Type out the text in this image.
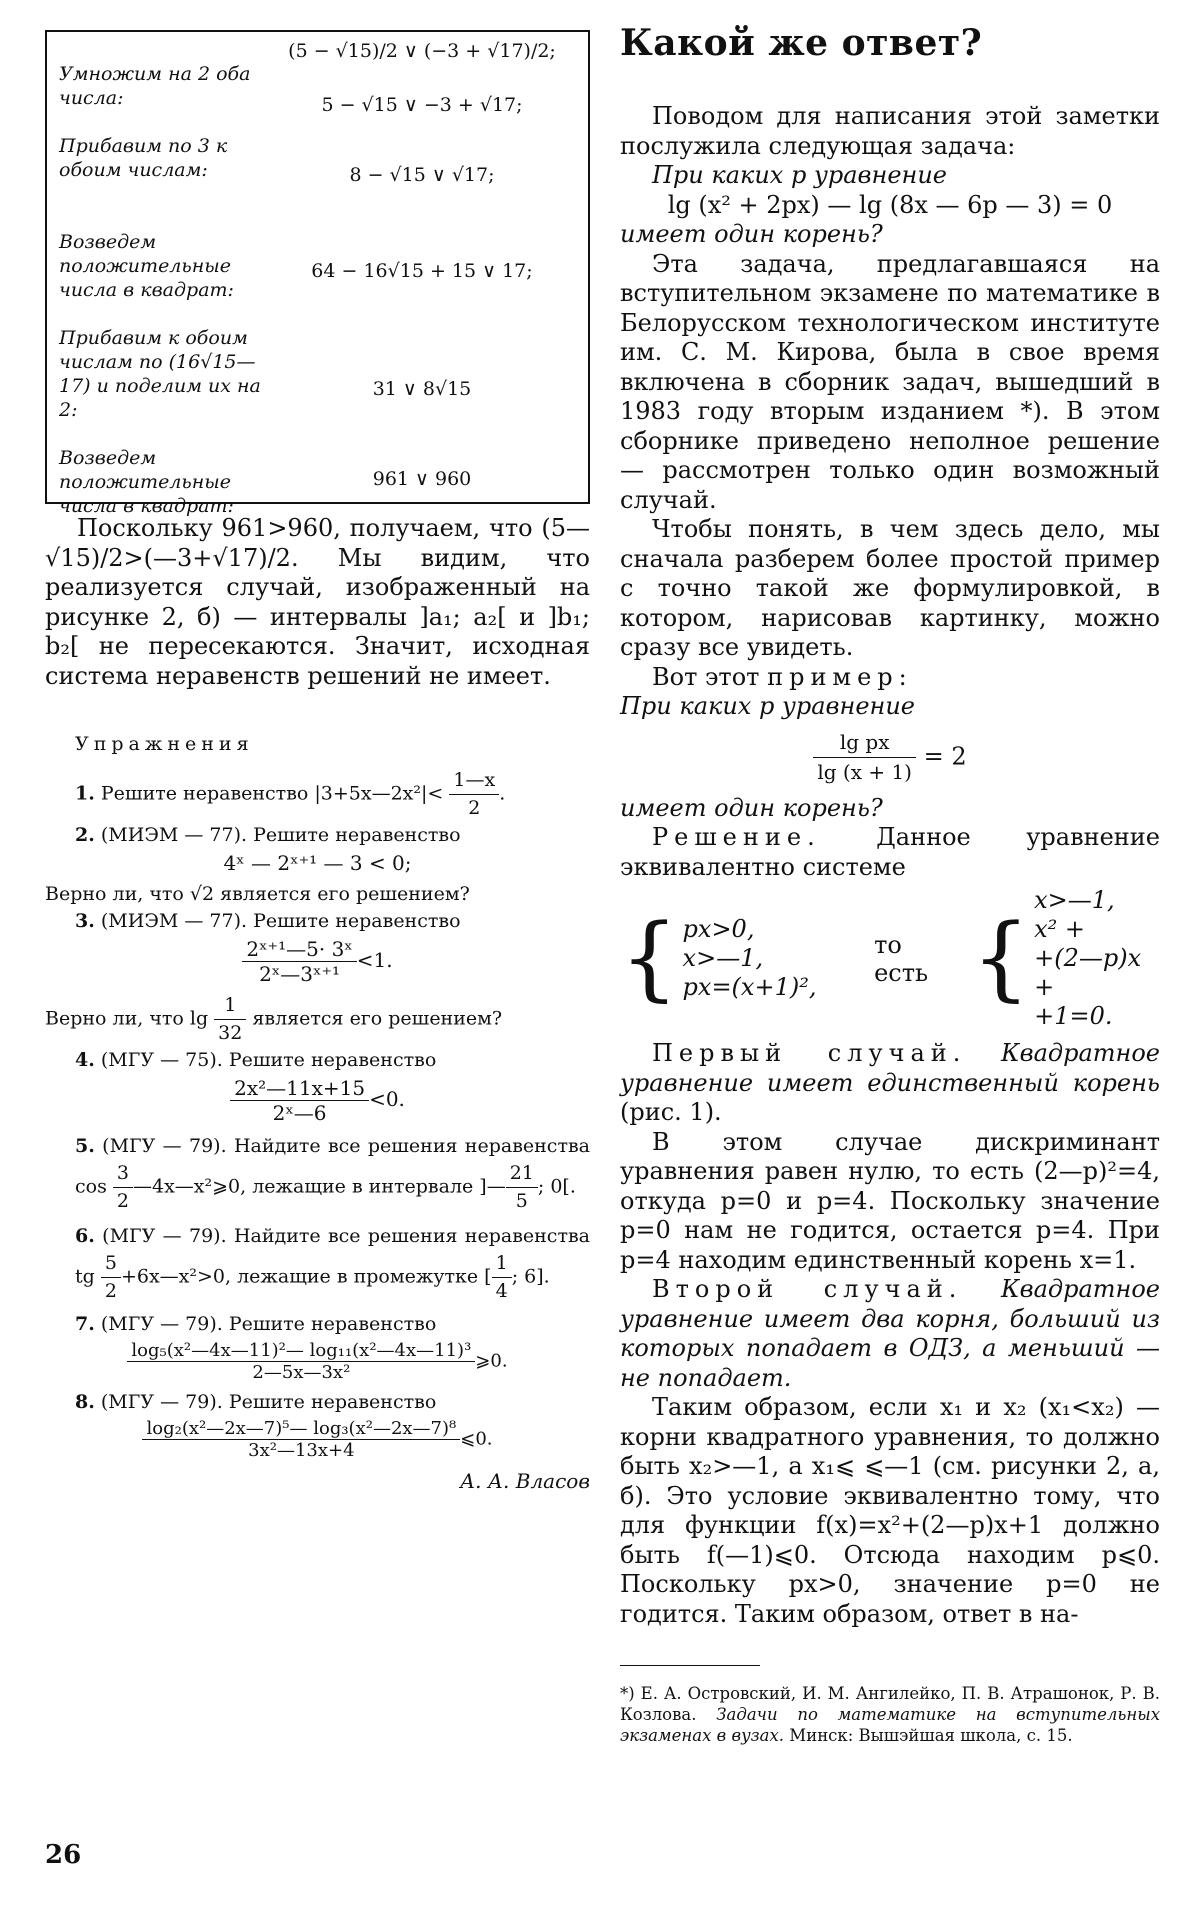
(5 − √15)/2 ∨ (−3 + √17)/2;
Умножим на 2 оба числа:
Прибавим по 3 к обоим числам:
Возведем положительные числа в квадрат:
Прибавим к обоим числам по (16√15—17) и поделим их на 2:
Возведем положительные числа в квадрат:
5 − √15 ∨ −3 + √17;
8 − √15 ∨ √17;
64 − 16√15 + 15 ∨ 17;
31 ∨ 8√15
961 ∨ 960

Поскольку 961>960, получаем, что (5—√15)/2>(—3+√17)/2. Мы видим, что реализуется случай, изображенный на рисунке 2, б) — интервалы ]a₁; a₂[ и ]b₁; b₂[ не пересекаются. Значит, исходная система неравенств решений не имеет.

Упражнения

1. Решите неравенство |3+5x—2x²|< $\frac{1—x}{2}$ .

2. (МИЭМ — 77). Решите неравенство

4ˣ — 2ˣ⁺¹ — 3 < 0;

Верно ли, что √2 является его решением?

3. (МИЭМ — 77). Решите неравенство

$\frac{\text{2ˣ⁺¹—5· 3ˣ}}{\text{2ˣ—3ˣ⁺¹}} <1$.

Верно ли, что $\lg \frac{1}{32}$ является его решением?

4. (МГУ — 75). Решите неравенство

$\frac{\text{2x²—11x+15}}{\text{2ˣ—6}} <0$.

5. (МГУ — 79). Найдите все решения неравенства $\cos \frac{3}{2}$ —4x—x²⩾0, лежащие в интервале ]— $\frac{21}{5}$ ; 0[.

6. (МГУ — 79). Найдите все решения неравенства tg $\frac{5}{2}$ +6x—x²>0, лежащие в промежутке [ $\frac{1}{4}$ ; 6].

7. (МГУ — 79). Решите неравенство

$\frac{\text{log₅(x²—4x—11)²— log₁₁(x²—4x—11)³}}{\text{2—5x—3x²}}$ ⩾0.

8. (МГУ — 79). Решите неравенство

$\frac{\text{log₂(x²—2x—7)⁵— log₃(x²—2x—7)⁸}}{\text{3x²—13x+4}}$ ⩽0.
А. А. Власов
Какой же ответ?

Поводом для написания этой заметки послужила следующая задача:

При каких p уравнение

lg (x² + 2px) — lg (8x — 6p — 3) = 0

имеет один корень?

Эта задача, предлагавшаяся на вступительном экзамене по математике в Белорусском технологическом институте им. С. М. Кирова, была в свое время включена в сборник задач, вышедший в 1983 году вторым изданием *). В этом сборнике приведено неполное решение — рассмотрен только один возможный случай.

Чтобы понять, в чем здесь дело, мы сначала разберем более простой пример с точно такой же формулировкой, в котором, нарисовав картинку, можно сразу все увидеть.

Вот этот пример:

При каких p уравнение

$\frac{\text{lg px}}{\lg (x + 1)} = 2$

имеет один корень?

Решение. Данное уравнение эквивалентно системе

{ px>0,
x>—1,
px=(x+1)²,
то есть {
x>—1,
x² +
+(2—p)x +
+1=0.

Первый случай. Квадратное уравнение имеет единственный корень (рис. 1).

В этом случае дискриминант уравнения равен нулю, то есть (2—p)²=4, откуда p=0 и p=4. Поскольку значение p=0 нам не годится, остается p=4. При p=4 находим единственный корень x=1.

Второй случай. Квадратное уравнение имеет два корня, больший из которых попадает в ОДЗ, а меньший — не попадает.

Таким образом, если x₁ и x₂ (x₁<x₂) — корни квадратного уравнения, то должно быть x₂>—1, а x₁⩽ ⩽—1 (см. рисунки 2, а, б). Это условие эквивалентно тому, что для функции f(x)=x²+(2—p)x+1 должно быть f(—1)⩽0. Отсюда находим p⩽0. Поскольку px>0, значение p=0 не годится. Таким образом, ответ в на-

*) Е. А. Островский, И. М. Ангилейко, П. В. Атрашонок, Р. В. Козлова. Задачи по математике на вступительных экзаменах в вузах. Минск: Вышэйшая школа, с. 15.

26
